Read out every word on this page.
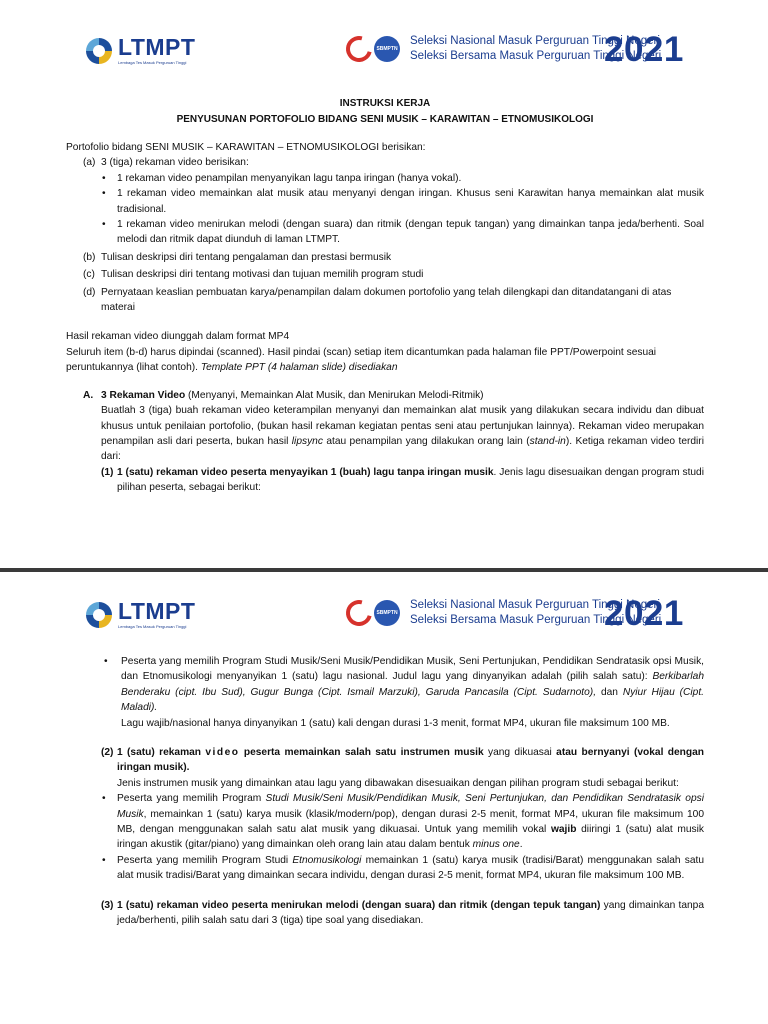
LTMPT
Lembaga Tes Masuk Perguruan Tinggi
SBMPTN
Seleksi Nasional Masuk Perguruan Tinggi Negeri
Seleksi Bersama Masuk Perguruan Tinggi Negeri
2021
INSTRUKSI KERJA
PENYUSUNAN PORTOFOLIO BIDANG SENI MUSIK – KARAWITAN – ETNOMUSIKOLOGI
Portofolio bidang SENI MUSIK – KARAWITAN – ETNOMUSIKOLOGI berisikan:
(a) 3 (tiga) rekaman video berisikan:
• 1 rekaman video penampilan menyanyikan lagu tanpa iringan (hanya vokal).
• 1 rekaman video memainkan alat musik atau menyanyi dengan iringan. Khusus seni Karawitan hanya memainkan alat musik tradisional.
• 1 rekaman video menirukan melodi (dengan suara) dan ritmik (dengan tepuk tangan) yang dimainkan tanpa jeda/berhenti. Soal melodi dan ritmik dapat diunduh di laman LTMPT.
(b) Tulisan deskripsi diri tentang pengalaman dan prestasi bermusik
(c) Tulisan deskripsi diri tentang motivasi dan tujuan memilih program studi
(d) Pernyataan keaslian pembuatan karya/penampilan dalam dokumen portofolio yang telah dilengkapi dan ditandatangani di atas materai
Hasil rekaman video diunggah dalam format MP4
Seluruh item (b-d) harus dipindai (scanned). Hasil pindai (scan) setiap item dicantumkan pada halaman file PPT/Powerpoint sesuai peruntukannya (lihat contoh). Template PPT (4 halaman slide) disediakan
A. 3 Rekaman Video (Menyanyi, Memainkan Alat Musik, dan Menirukan Melodi-Ritmik)
Buatlah 3 (tiga) buah rekaman video keterampilan menyanyi dan memainkan alat musik yang dilakukan secara individu dan dibuat khusus untuk penilaian portofolio, (bukan hasil rekaman kegiatan pentas seni atau pertunjukan lainnya). Rekaman video merupakan penampilan asli dari peserta, bukan hasil lipsync atau penampilan yang dilakukan orang lain (stand-in). Ketiga rekaman video terdiri dari:
(1) 1 (satu) rekaman video peserta menyayikan 1 (buah) lagu tanpa iringan musik. Jenis lagu disesuaikan dengan program studi pilihan peserta, sebagai berikut:
LTMPT
Lembaga Tes Masuk Perguruan Tinggi
SBMPTN
Seleksi Nasional Masuk Perguruan Tinggi Negeri
Seleksi Bersama Masuk Perguruan Tinggi Negeri
2021
• Peserta yang memilih Program Studi Musik/Seni Musik/Pendidikan Musik, Seni Pertunjukan, Pendidikan Sendratasik opsi Musik, dan Etnomusikologi menyanyikan 1 (satu) lagu nasional. Judul lagu yang dinyanyikan adalah (pilih salah satu): Berkibarlah Benderaku (cipt. Ibu Sud), Gugur Bunga (Cipt. Ismail Marzuki), Garuda Pancasila (Cipt. Sudarnoto), dan Nyiur Hijau (Cipt. Maladi).
Lagu wajib/nasional hanya dinyanyikan 1 (satu) kali dengan durasi 1-3 menit, format MP4, ukuran file maksimum 100 MB.
(2) 1 (satu) rekaman video peserta memainkan salah satu instrumen musik yang dikuasai atau bernyanyi (vokal dengan iringan musik).
Jenis instrumen musik yang dimainkan atau lagu yang dibawakan disesuaikan dengan pilihan program studi sebagai berikut:
• Peserta yang memilih Program Studi Musik/Seni Musik/Pendidikan Musik, Seni Pertunjukan, dan Pendidikan Sendratasik opsi Musik, memainkan 1 (satu) karya musik (klasik/modern/pop), dengan durasi 2-5 menit, format MP4, ukuran file maksimum 100 MB, dengan menggunakan salah satu alat musik yang dikuasai. Untuk yang memilih vokal wajib diiringi 1 (satu) alat musik iringan akustik (gitar/piano) yang dimainkan oleh orang lain atau dalam bentuk minus one.
• Peserta yang memilih Program Studi Etnomusikologi memainkan 1 (satu) karya musik (tradisi/Barat) menggunakan salah satu alat musik tradisi/Barat yang dimainkan secara individu, dengan durasi 2-5 menit, format MP4, ukuran file maksimum 100 MB.
(3) 1 (satu) rekaman video peserta menirukan melodi (dengan suara) dan ritmik (dengan tepuk tangan) yang dimainkan tanpa jeda/berhenti, pilih salah satu dari 3 (tiga) tipe soal yang disediakan.
